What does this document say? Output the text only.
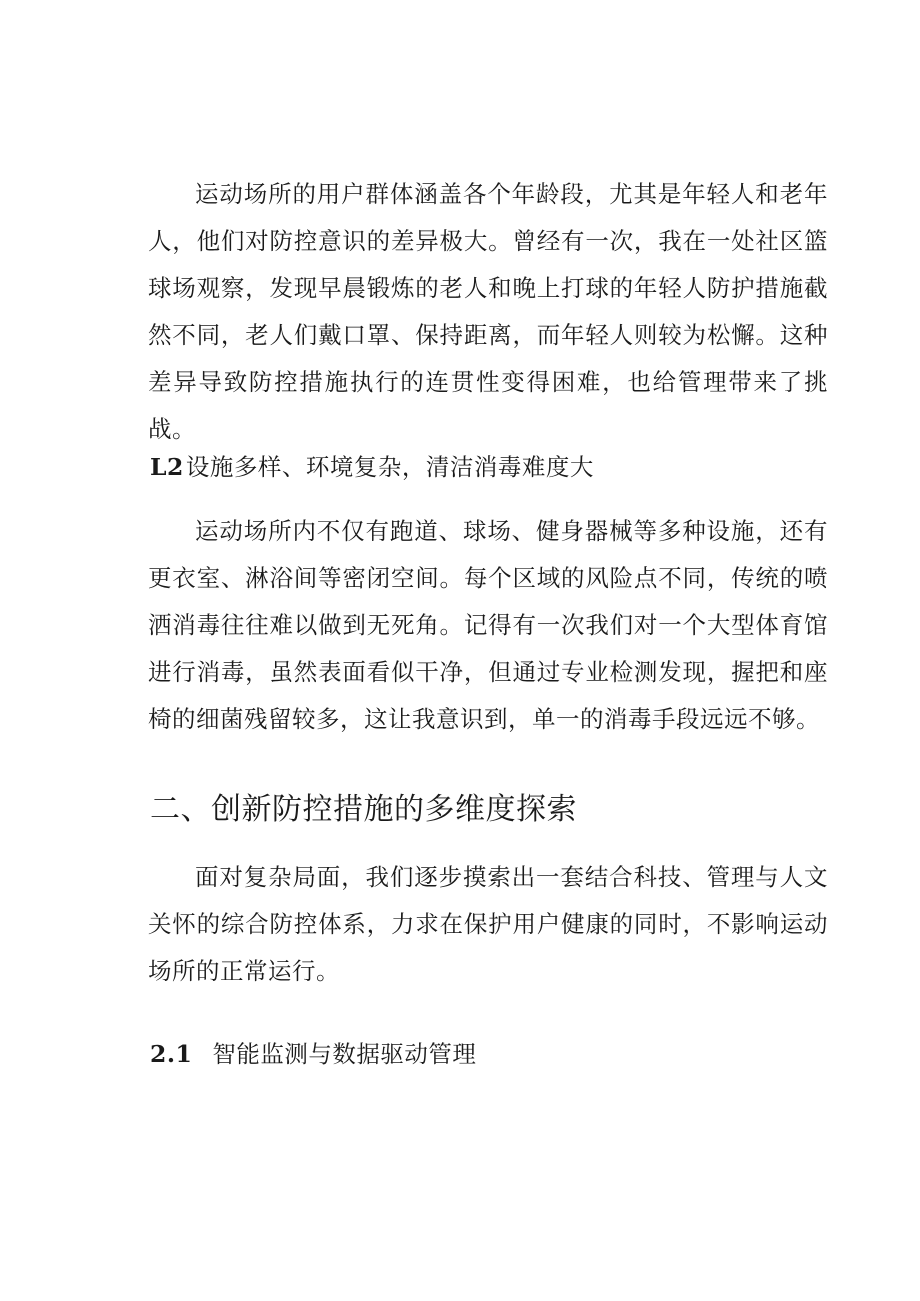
运动场所的用户群体涵盖各个年龄段，尤其是年轻人和老年人，他们对防控意识的差异极大。曾经有一次，我在一处社区篮球场观察，发现早晨锻炼的老人和晚上打球的年轻人防护措施截然不同，老人们戴口罩、保持距离，而年轻人则较为松懈。这种差异导致防控措施执行的连贯性变得困难，也给管理带来了挑战。

L2设施多样、环境复杂，清洁消毒难度大

运动场所内不仅有跑道、球场、健身器械等多种设施，还有更衣室、淋浴间等密闭空间。每个区域的风险点不同，传统的喷洒消毒往往难以做到无死角。记得有一次我们对一个大型体育馆进行消毒，虽然表面看似干净，但通过专业检测发现，握把和座椅的细菌残留较多，这让我意识到，单一的消毒手段远远不够。

二、创新防控措施的多维度探索

面对复杂局面，我们逐步摸索出一套结合科技、管理与人文关怀的综合防控体系，力求在保护用户健康的同时，不影响运动场所的正常运行。

2.1 智能监测与数据驱动管理
